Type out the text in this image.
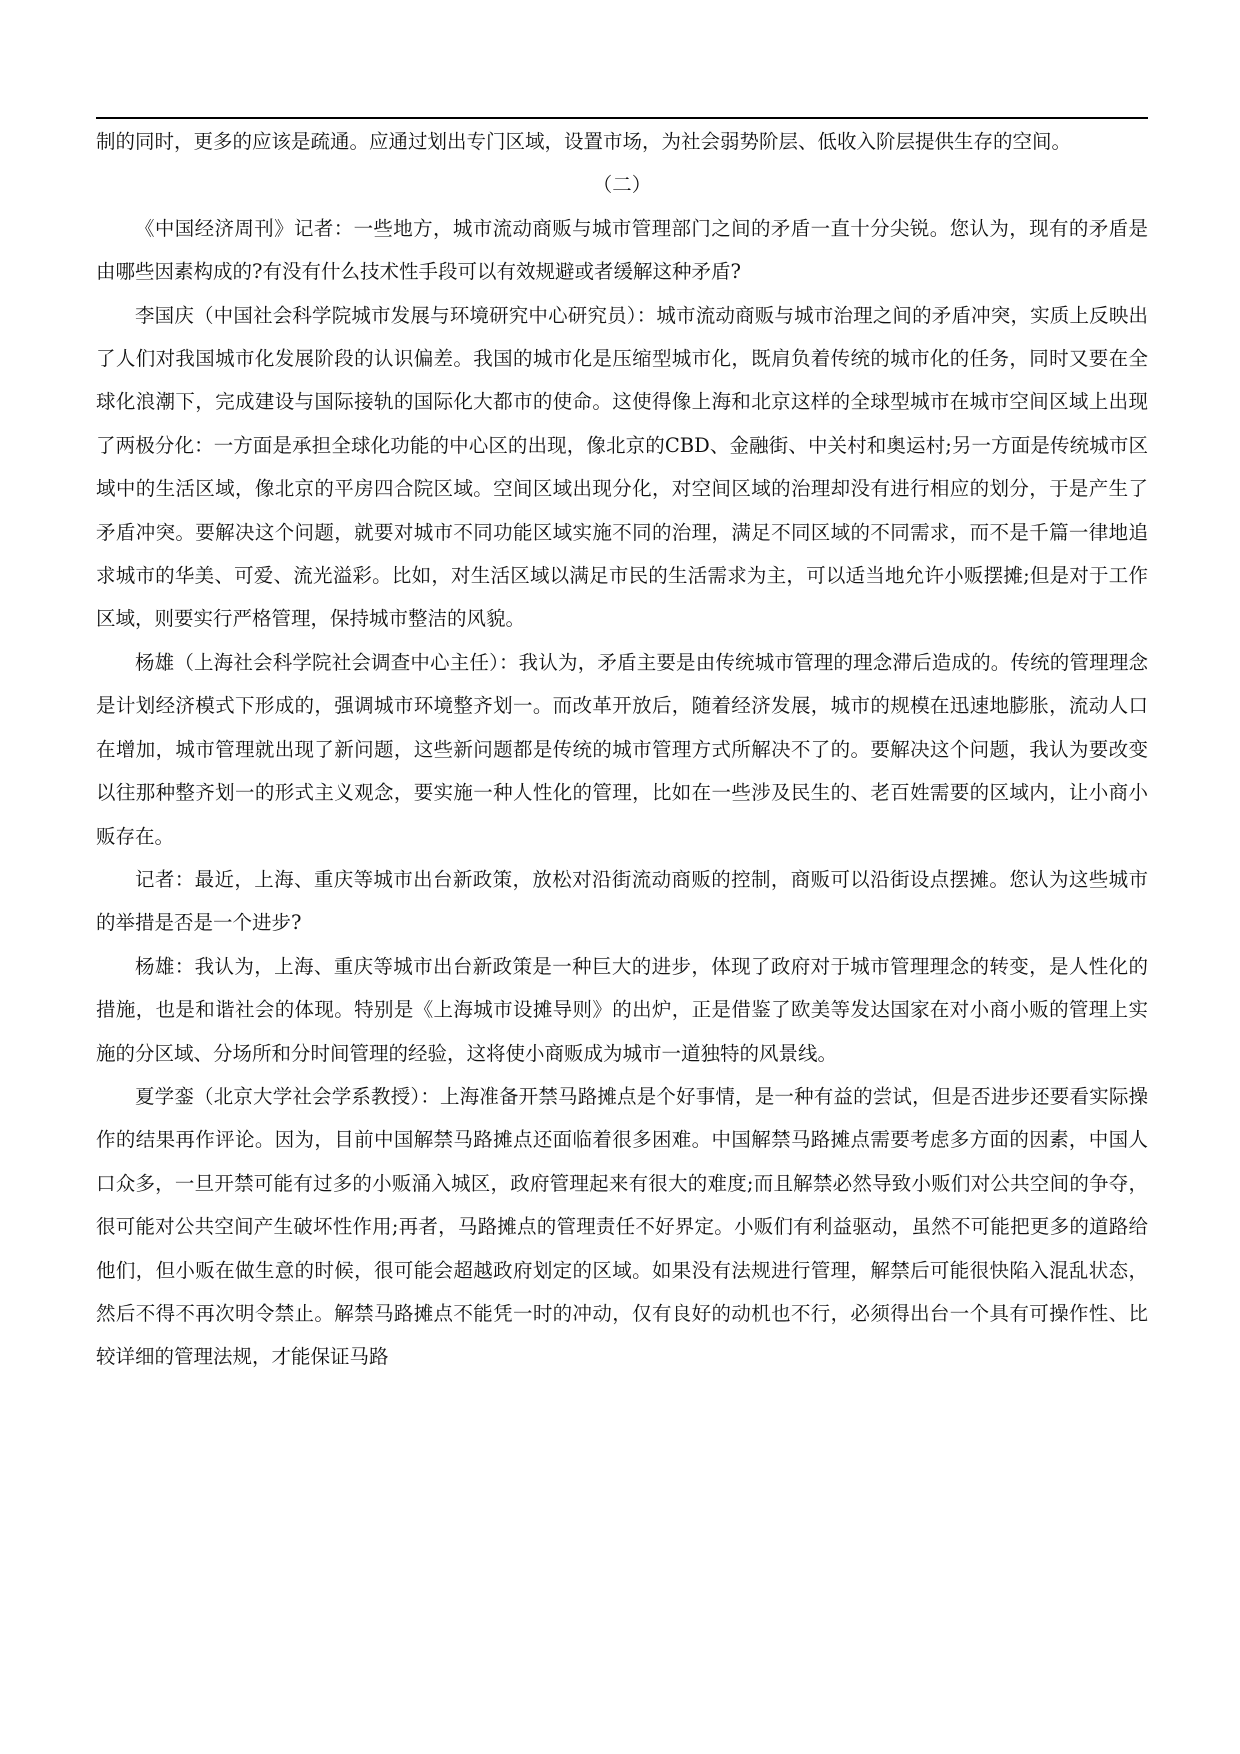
制的同时，更多的应该是疏通。应通过划出专门区域，设置市场，为社会弱势阶层、低收入阶层提供生存的空间。

（二）

《中国经济周刊》记者：一些地方，城市流动商贩与城市管理部门之间的矛盾一直十分尖锐。您认为，现有的矛盾是由哪些因素构成的?有没有什么技术性手段可以有效规避或者缓解这种矛盾?

李国庆（中国社会科学院城市发展与环境研究中心研究员）：城市流动商贩与城市治理之间的矛盾冲突，实质上反映出了人们对我国城市化发展阶段的认识偏差。我国的城市化是压缩型城市化，既肩负着传统的城市化的任务，同时又要在全球化浪潮下，完成建设与国际接轨的国际化大都市的使命。这使得像上海和北京这样的全球型城市在城市空间区域上出现了两极分化：一方面是承担全球化功能的中心区的出现，像北京的CBD、金融街、中关村和奥运村;另一方面是传统城市区域中的生活区域，像北京的平房四合院区域。空间区域出现分化，对空间区域的治理却没有进行相应的划分，于是产生了矛盾冲突。要解决这个问题，就要对城市不同功能区域实施不同的治理，满足不同区域的不同需求，而不是千篇一律地追求城市的华美、可爱、流光溢彩。比如，对生活区域以满足市民的生活需求为主，可以适当地允许小贩摆摊;但是对于工作区域，则要实行严格管理，保持城市整洁的风貌。

杨雄（上海社会科学院社会调查中心主任）：我认为，矛盾主要是由传统城市管理的理念滞后造成的。传统的管理理念是计划经济模式下形成的，强调城市环境整齐划一。而改革开放后，随着经济发展，城市的规模在迅速地膨胀，流动人口在增加，城市管理就出现了新问题，这些新问题都是传统的城市管理方式所解决不了的。要解决这个问题，我认为要改变以往那种整齐划一的形式主义观念，要实施一种人性化的管理，比如在一些涉及民生的、老百姓需要的区域内，让小商小贩存在。

记者：最近，上海、重庆等城市出台新政策，放松对沿街流动商贩的控制，商贩可以沿街设点摆摊。您认为这些城市的举措是否是一个进步?

杨雄：我认为，上海、重庆等城市出台新政策是一种巨大的进步，体现了政府对于城市管理理念的转变，是人性化的措施，也是和谐社会的体现。特别是《上海城市设摊导则》的出炉，正是借鉴了欧美等发达国家在对小商小贩的管理上实施的分区域、分场所和分时间管理的经验，这将使小商贩成为城市一道独特的风景线。

夏学銮（北京大学社会学系教授）：上海准备开禁马路摊点是个好事情，是一种有益的尝试，但是否进步还要看实际操作的结果再作评论。因为，目前中国解禁马路摊点还面临着很多困难。中国解禁马路摊点需要考虑多方面的因素，中国人口众多，一旦开禁可能有过多的小贩涌入城区，政府管理起来有很大的难度;而且解禁必然导致小贩们对公共空间的争夺，很可能对公共空间产生破坏性作用;再者，马路摊点的管理责任不好界定。小贩们有利益驱动，虽然不可能把更多的道路给他们，但小贩在做生意的时候，很可能会超越政府划定的区域。如果没有法规进行管理，解禁后可能很快陷入混乱状态，然后不得不再次明令禁止。解禁马路摊点不能凭一时的冲动，仅有良好的动机也不行，必须得出台一个具有可操作性、比较详细的管理法规，才能保证马路
